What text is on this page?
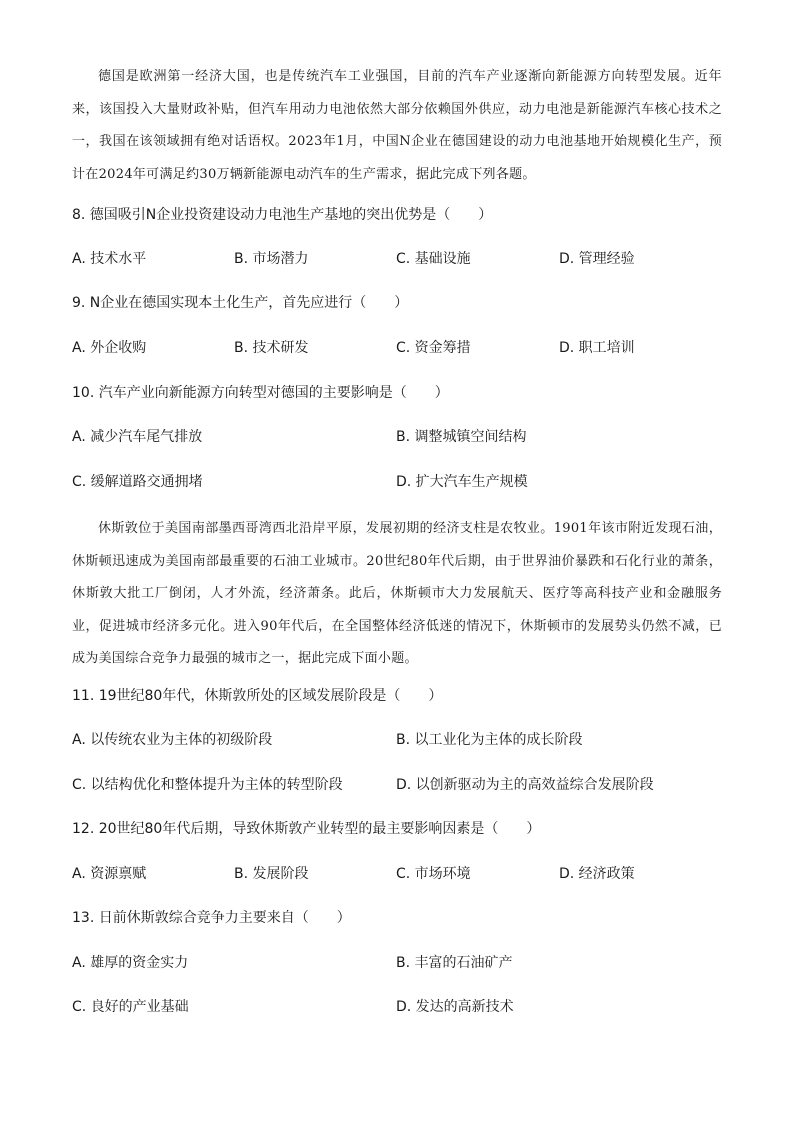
德国是欧洲第一经济大国，也是传统汽车工业强国，目前的汽车产业逐渐向新能源方向转型发展。近年来，该国投入大量财政补贴，但汽车用动力电池依然大部分依赖国外供应，动力电池是新能源汽车核心技术之一，我国在该领域拥有绝对话语权。2023年1月，中国N企业在德国建设的动力电池基地开始规模化生产，预计在2024年可满足约30万辆新能源电动汽车的生产需求，据此完成下列各题。

8. 德国吸引N企业投资建设动力电池生产基地的突出优势是（　　）

A. 技术水平	B. 市场潜力	C. 基础设施	D. 管理经验

9. N企业在德国实现本土化生产，首先应进行（　　）

A. 外企收购	B. 技术研发	C. 资金筹措	D. 职工培训

10. 汽车产业向新能源方向转型对德国的主要影响是（　　）

A. 减少汽车尾气排放	B. 调整城镇空间结构
C. 缓解道路交通拥堵	D. 扩大汽车生产规模

休斯敦位于美国南部墨西哥湾西北沿岸平原，发展初期的经济支柱是农牧业。1901年该市附近发现石油，休斯顿迅速成为美国南部最重要的石油工业城市。20世纪80年代后期，由于世界油价暴跌和石化行业的萧条，休斯敦大批工厂倒闭，人才外流，经济萧条。此后，休斯顿市大力发展航天、医疗等高科技产业和金融服务业，促进城市经济多元化。进入90年代后，在全国整体经济低迷的情况下，休斯顿市的发展势头仍然不减，已成为美国综合竞争力最强的城市之一，据此完成下面小题。

11. 19世纪80年代，休斯敦所处的区域发展阶段是（　　）

A. 以传统农业为主体的初级阶段	B. 以工业化为主体的成长阶段
C. 以结构优化和整体提升为主体的转型阶段	D. 以创新驱动为主的高效益综合发展阶段

12. 20世纪80年代后期，导致休斯敦产业转型的最主要影响因素是（　　）

A. 资源禀赋	B. 发展阶段	C. 市场环境	D. 经济政策

13. 日前休斯敦综合竞争力主要来自（　　）

A. 雄厚的资金实力	B. 丰富的石油矿产
C. 良好的产业基础	D. 发达的高新技术
